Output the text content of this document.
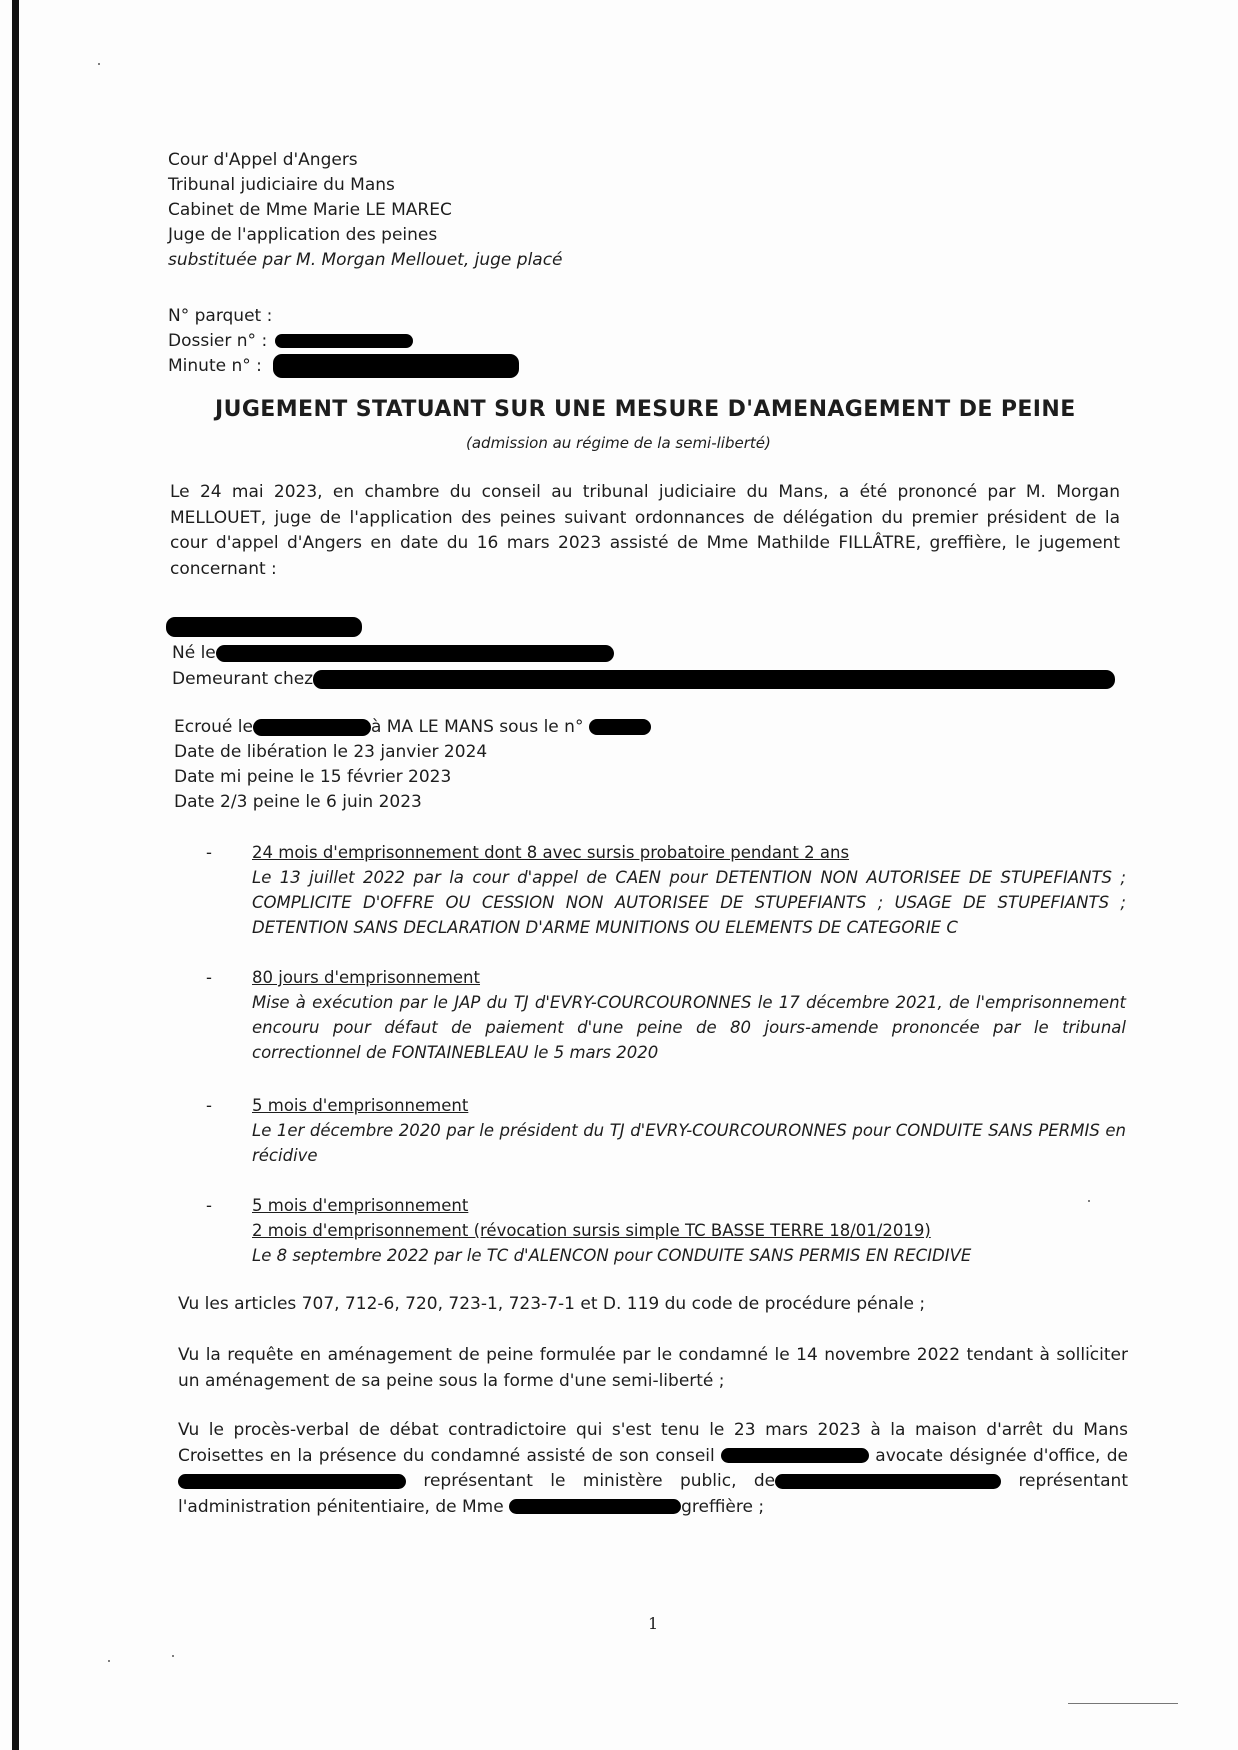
Cour d'Appel d'Angers
Tribunal judiciaire du Mans
Cabinet de Mme Marie LE MAREC
Juge de l'application des peines
substituée par M. Morgan Mellouet, juge placé
N° parquet :
Dossier n° :
Minute n° :
JUGEMENT STATUANT SUR UNE MESURE D'AMENAGEMENT DE PEINE
(admission au régime de la semi-liberté)
Le 24 mai 2023, en chambre du conseil au tribunal judiciaire du Mans, a été prononcé par M. Morgan MELLOUET, juge de l'application des peines suivant ordonnances de délégation du premier président de la cour d'appel d'Angers en date du 16 mars 2023 assisté de Mme Mathilde FILLÂTRE, greffière, le jugement concernant :
Né le
Demeurant chez
Ecroué le	à MA LE MANS sous le n°
Date de libération le 23 janvier 2024
Date mi peine le 15 février 2023
Date 2/3 peine le 6 juin 2023
- 24 mois d'emprisonnement dont 8 avec sursis probatoire pendant 2 ans
Le 13 juillet 2022 par la cour d'appel de CAEN pour DETENTION NON AUTORISEE DE STUPEFIANTS ; COMPLICITE D'OFFRE OU CESSION NON AUTORISEE DE STUPEFIANTS ; USAGE DE STUPEFIANTS ; DETENTION SANS DECLARATION D'ARME MUNITIONS OU ELEMENTS DE CATEGORIE C
- 80 jours d'emprisonnement
Mise à exécution par le JAP du TJ d'EVRY-COURCOURONNES le 17 décembre 2021, de l'emprisonnement encouru pour défaut de paiement d'une peine de 80 jours-amende prononcée par le tribunal correctionnel de FONTAINEBLEAU le 5 mars 2020
- 5 mois d'emprisonnement
Le 1er décembre 2020 par le président du TJ d'EVRY-COURCOURONNES pour CONDUITE SANS PERMIS en récidive
- 5 mois d'emprisonnement
2 mois d'emprisonnement (révocation sursis simple TC BASSE TERRE 18/01/2019)
Le 8 septembre 2022 par le TC d'ALENCON pour CONDUITE SANS PERMIS EN RECIDIVE
Vu les articles 707, 712-6, 720, 723-1, 723-7-1 et D. 119 du code de procédure pénale ;
Vu la requête en aménagement de peine formulée par le condamné le 14 novembre 2022 tendant à solliciter un aménagement de sa peine sous la forme d'une semi-liberté ;
Vu le procès-verbal de débat contradictoire qui s'est tenu le 23 mars 2023 à la maison d'arrêt du Mans Croisettes en la présence du condamné assisté de son conseil	avocate désignée d'office, de représentant le ministère public, de	représentant l'administration pénitentiaire, de Mme	greffière ;
1
